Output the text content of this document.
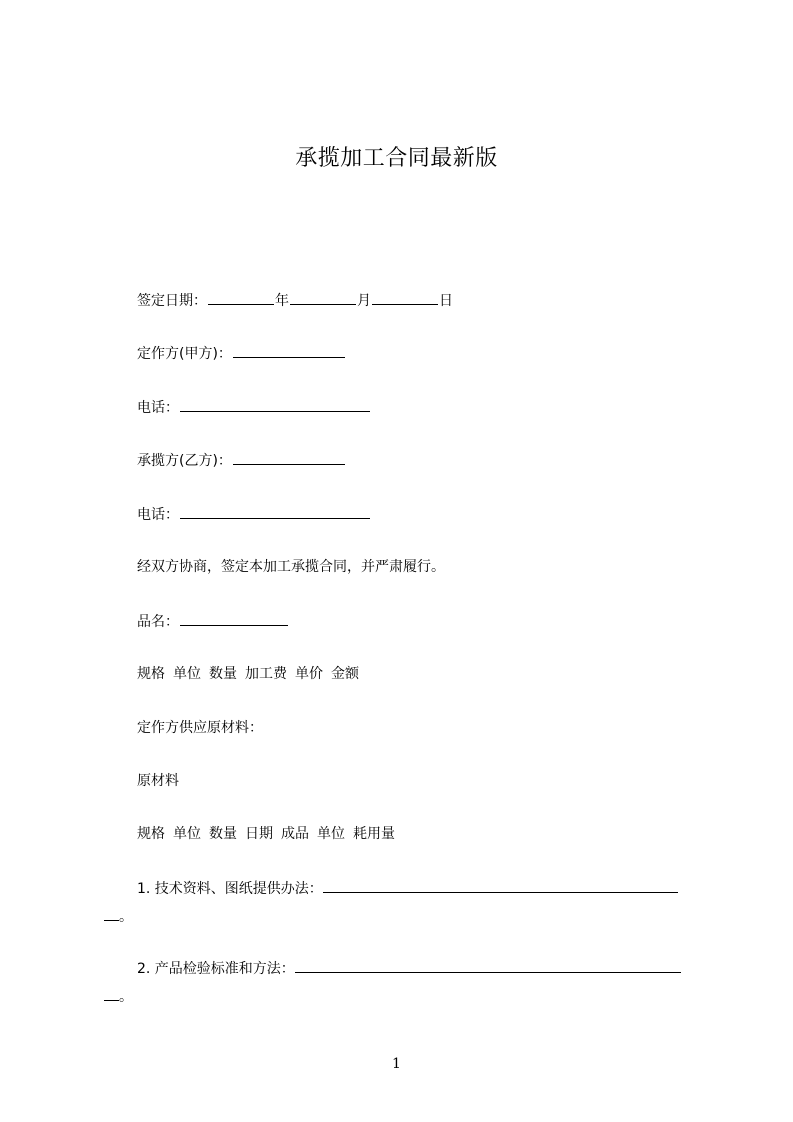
承揽加工合同最新版
签定日期：	年	月	日
定作方(甲方)：
电话：
承揽方(乙方)：
电话：
经双方协商，签定本加工承揽合同，并严肃履行。
品名：
规格 单位 数量 加工费 单价 金额
定作方供应原材料：
原材料
规格 单位 数量 日期 成品 单位 耗用量
1. 技术资料、图纸提供办法：
。
2. 产品检验标准和方法：
。
1
